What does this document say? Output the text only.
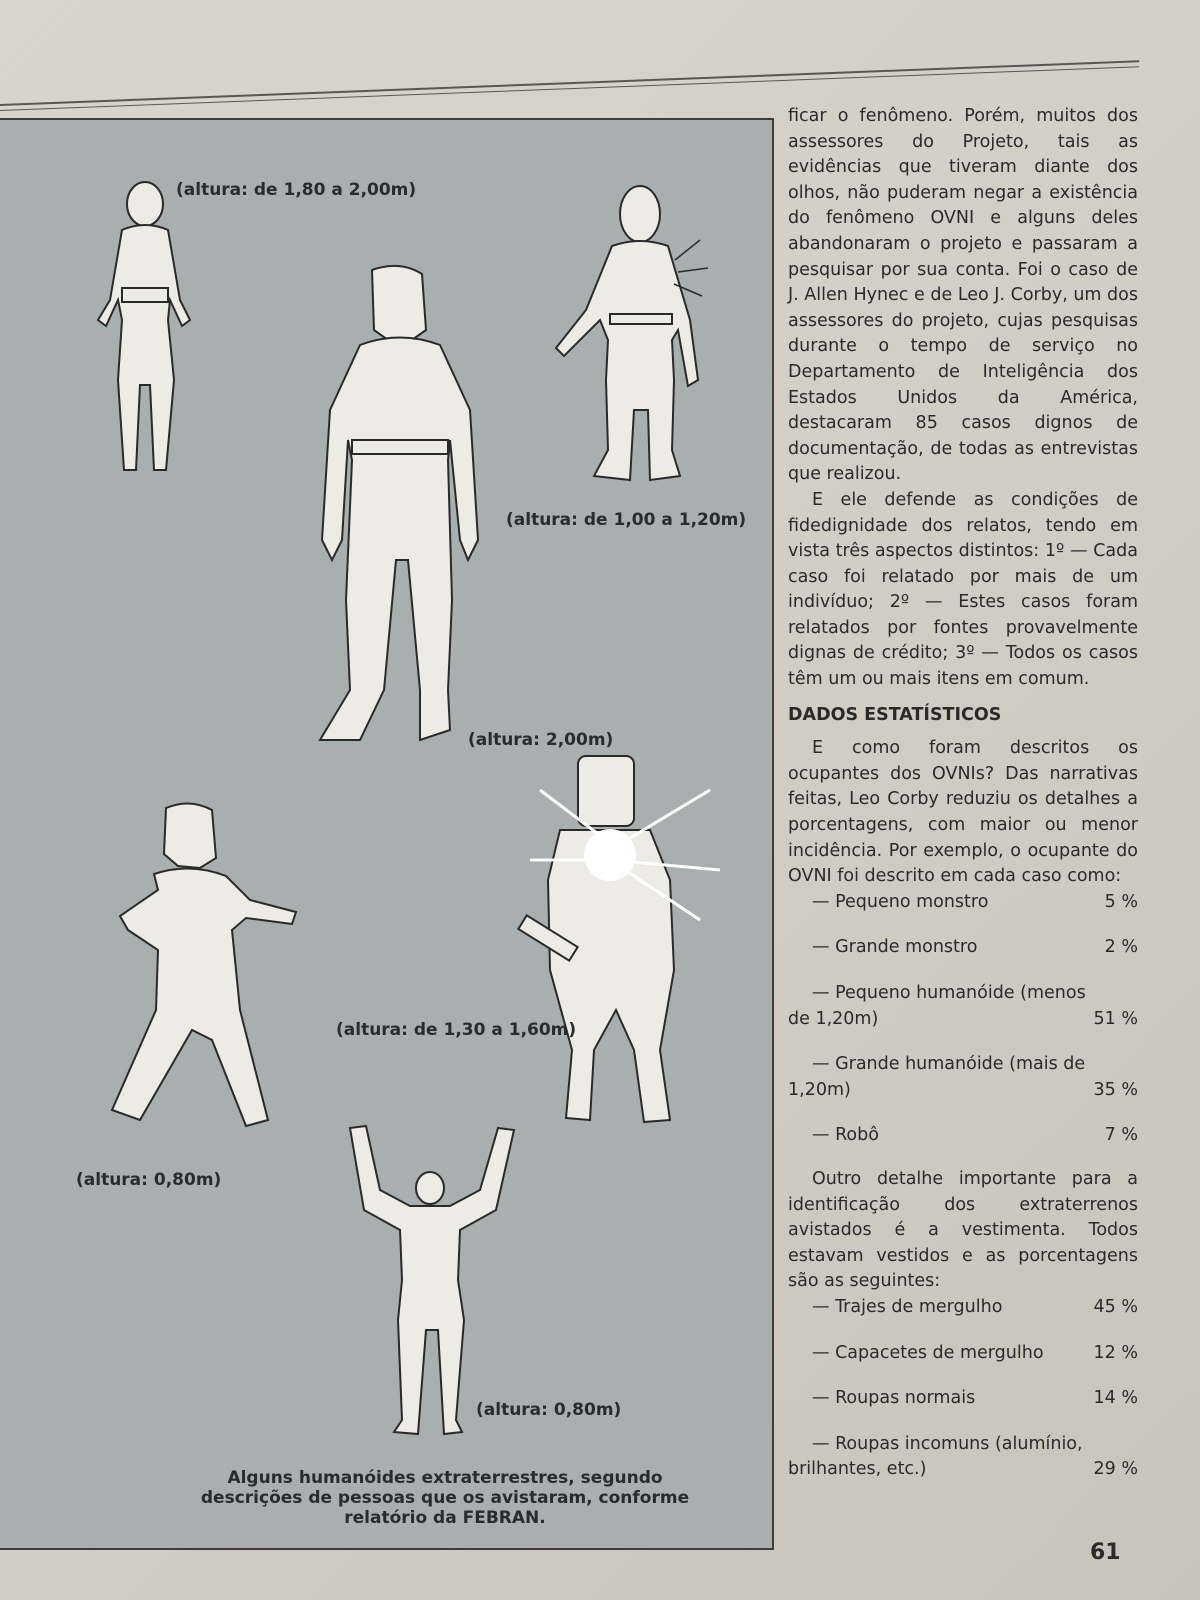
(altura: de 1,80 a 2,00m)
(altura: de 1,00 a 1,20m)
(altura: 2,00m)
(altura: de 1,30 a 1,60m)
(altura: 0,80m)
(altura: 0,80m)
Alguns humanóides extraterrestres, segundo descrições de pessoas que os avistaram, conforme relatório da FEBRAN.

ficar o fenômeno. Porém, muitos dos assessores do Projeto, tais as evidências que tiveram diante dos olhos, não puderam negar a existência do fenômeno OVNI e alguns deles abandonaram o projeto e passaram a pesquisar por sua conta. Foi o caso de J. Allen Hynec e de Leo J. Corby, um dos assessores do projeto, cujas pesquisas durante o tempo de serviço no Departamento de Inteligência dos Estados Unidos da América, destacaram 85 casos dignos de documentação, de todas as entrevistas que realizou.

E ele defende as condições de fidedignidade dos relatos, tendo em vista três aspectos distintos: 1º — Cada caso foi relatado por mais de um indivíduo; 2º — Estes casos foram relatados por fontes provavelmente dignas de crédito; 3º — Todos os casos têm um ou mais itens em comum.

DADOS ESTATÍSTICOS

E como foram descritos os ocupantes dos OVNIs? Das narrativas feitas, Leo Corby reduziu os detalhes a porcentagens, com maior ou menor incidência. Por exemplo, o ocupante do OVNI foi descrito em cada caso como:

— Pequeno monstro	5 %
— Grande monstro	2 %
— Pequeno humanóide (menos
de 1,20m)	51 %
— Grande humanóide (mais de
1,20m)	35 %
— Robô	7 %

Outro detalhe importante para a identificação dos extraterrenos avistados é a vestimenta. Todos estavam vestidos e as porcentagens são as seguintes:

— Trajes de mergulho	45 %
— Capacetes de mergulho	12 %
— Roupas normais	14 %
— Roupas incomuns (alumínio,
brilhantes, etc.)	29 %
61
